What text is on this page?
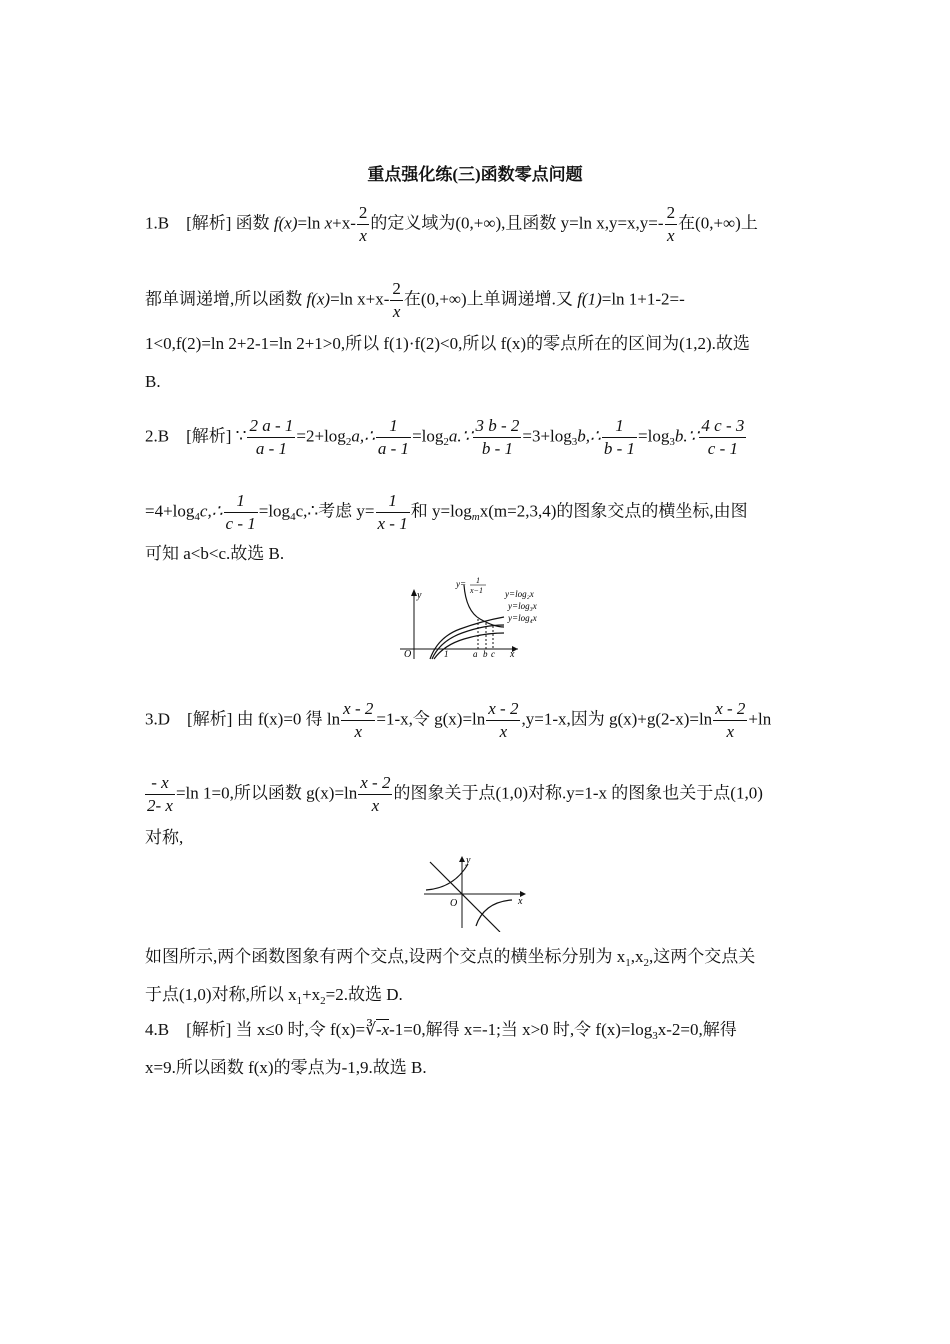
重点强化练(三)函数零点问题
1.B　[解析] 函数 f(x)=ln $x+x- \frac{2}{x}$ 的定义域为(0,+∞),且函数 y=ln $x,y=x,y=- \frac{2}{x}$ 在(0,+∞)上
都单调递增,所以函数 f(x)=ln $x+x- \frac{2}{x}$ 在(0,+∞)上单调递增.又 f(1)=ln 1+1-2=-
1<0,f(2)=ln 2+2-1=ln 2+1>0,所以 f(1)·f(2)<0,所以 f(x)的零点所在的区间为(1,2).故选
B.
2.B　[解析] ∵ $\frac{2 a - 1}{a - 1}$ $=2+\log_2a,\therefore \frac{1}{a - 1}$ $=\log_2a.\because \frac{3 b - 2}{b - 1}$ $=3+\log_3b,\therefore \frac{1}{b - 1}$ $=\log_3b.\because \frac{4 c - 3}{c - 1}$
$=4+\log_4c,\therefore \frac{1}{c - 1}$ $=\log_4c,\therefore$考虑 $y= \frac{1}{x - 1}$ 和 $y=\log_mx(m=2,3,4)$的图象交点的横坐标,由图
可知 a<b<c.故选 B.
y
x
O	1	a b c
y= 1
x−1 y=log₂x
y=log₃x
y=log₄x
3.D　[解析] 由 f(x)=0 得 $\ln \frac{x - 2}{x} =1-x$,令 $g(x)=\ln \frac{x - 2}{x} ,y=1-x$,因为 $g(x)+g(2-x)=\ln \frac{x - 2}{x} +\ln$
$\frac{- x}{2- x} =\ln$ 1=0,所以函数 $g(x)=\ln \frac{x - 2}{x}$ 的图象关于点(1,0)对称.y=1-x 的图象也关于点(1,0)
对称,
y
x
O
如图所示,两个函数图象有两个交点,设两个交点的横坐标分别为 $x_1,x_2$,这两个交点关
于点(1,0)对称,所以 $x_1+x_2=2$.故选 D.
4.B　[解析] 当 x≤0 时,令 f(x)=∛-x-1=0,解得 x=-1;当 x>0 时,令 $f(x)=\log_3x-2=0$,解得
x=9.所以函数 f(x)的零点为-1,9.故选 B.
